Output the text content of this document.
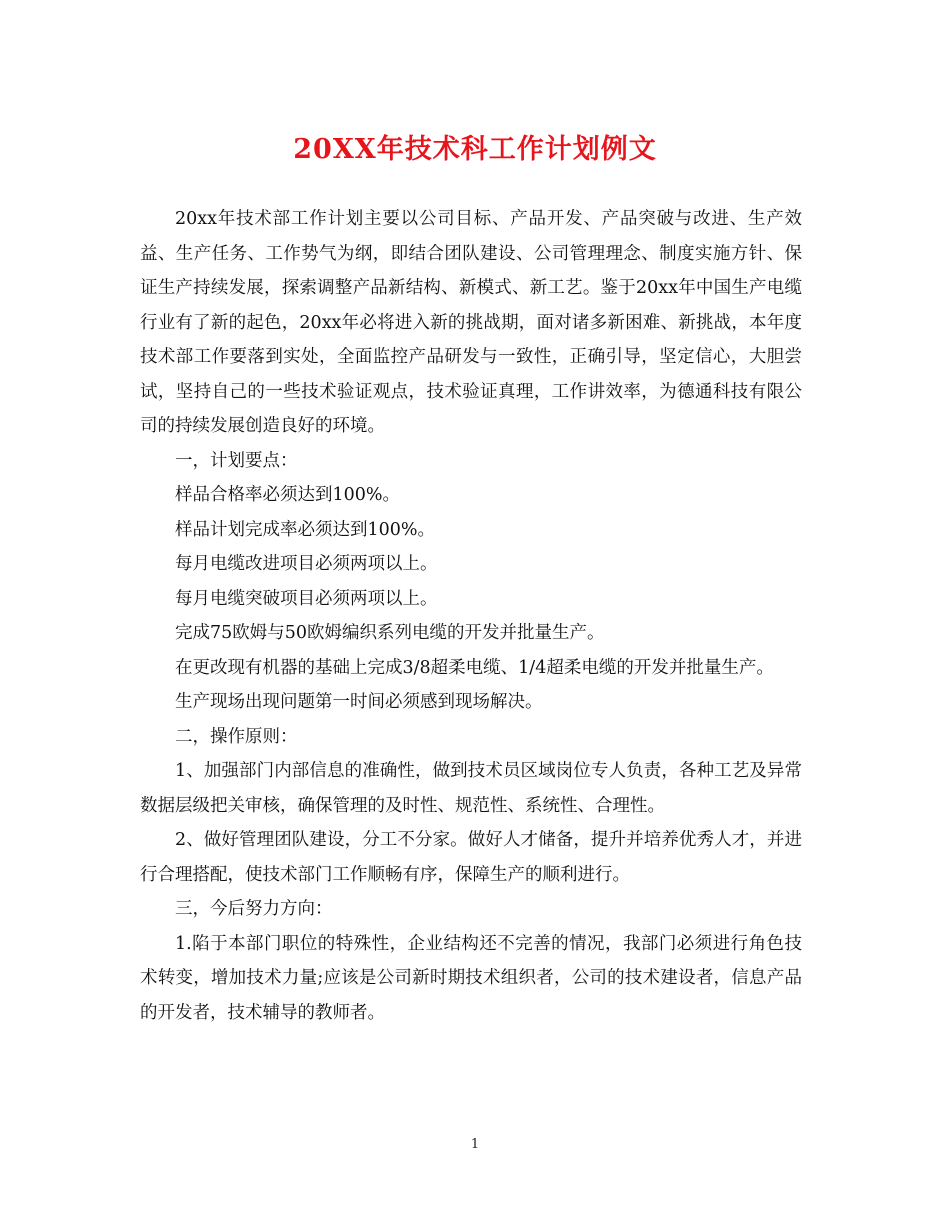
20XX年技术科工作计划例文

20xx年技术部工作计划主要以公司目标、产品开发、产品突破与改进、生产效益、生产任务、工作势气为纲，即结合团队建设、公司管理理念、制度实施方针、保证生产持续发展，探索调整产品新结构、新模式、新工艺。鉴于20xx年中国生产电缆行业有了新的起色，20xx年必将进入新的挑战期，面对诸多新困难、新挑战，本年度技术部工作要落到实处，全面监控产品研发与一致性，正确引导，坚定信心，大胆尝试，坚持自己的一些技术验证观点，技术验证真理，工作讲效率，为德通科技有限公司的持续发展创造良好的环境。

一，计划要点：

样品合格率必须达到100%。

样品计划完成率必须达到100%。

每月电缆改进项目必须两项以上。

每月电缆突破项目必须两项以上。

完成75欧姆与50欧姆编织系列电缆的开发并批量生产。

在更改现有机器的基础上完成3/8超柔电缆、1/4超柔电缆的开发并批量生产。

生产现场出现问题第一时间必须感到现场解决。

二，操作原则：

1、加强部门内部信息的准确性，做到技术员区域岗位专人负责，各种工艺及异常数据层级把关审核，确保管理的及时性、规范性、系统性、合理性。

2、做好管理团队建设，分工不分家。做好人才储备，提升并培养优秀人才，并进行合理搭配，使技术部门工作顺畅有序，保障生产的顺利进行。

三，今后努力方向：

1.陷于本部门职位的特殊性，企业结构还不完善的情况，我部门必须进行角色技术转变，增加技术力量;应该是公司新时期技术组织者，公司的技术建设者，信息产品的开发者，技术辅导的教师者。

1
